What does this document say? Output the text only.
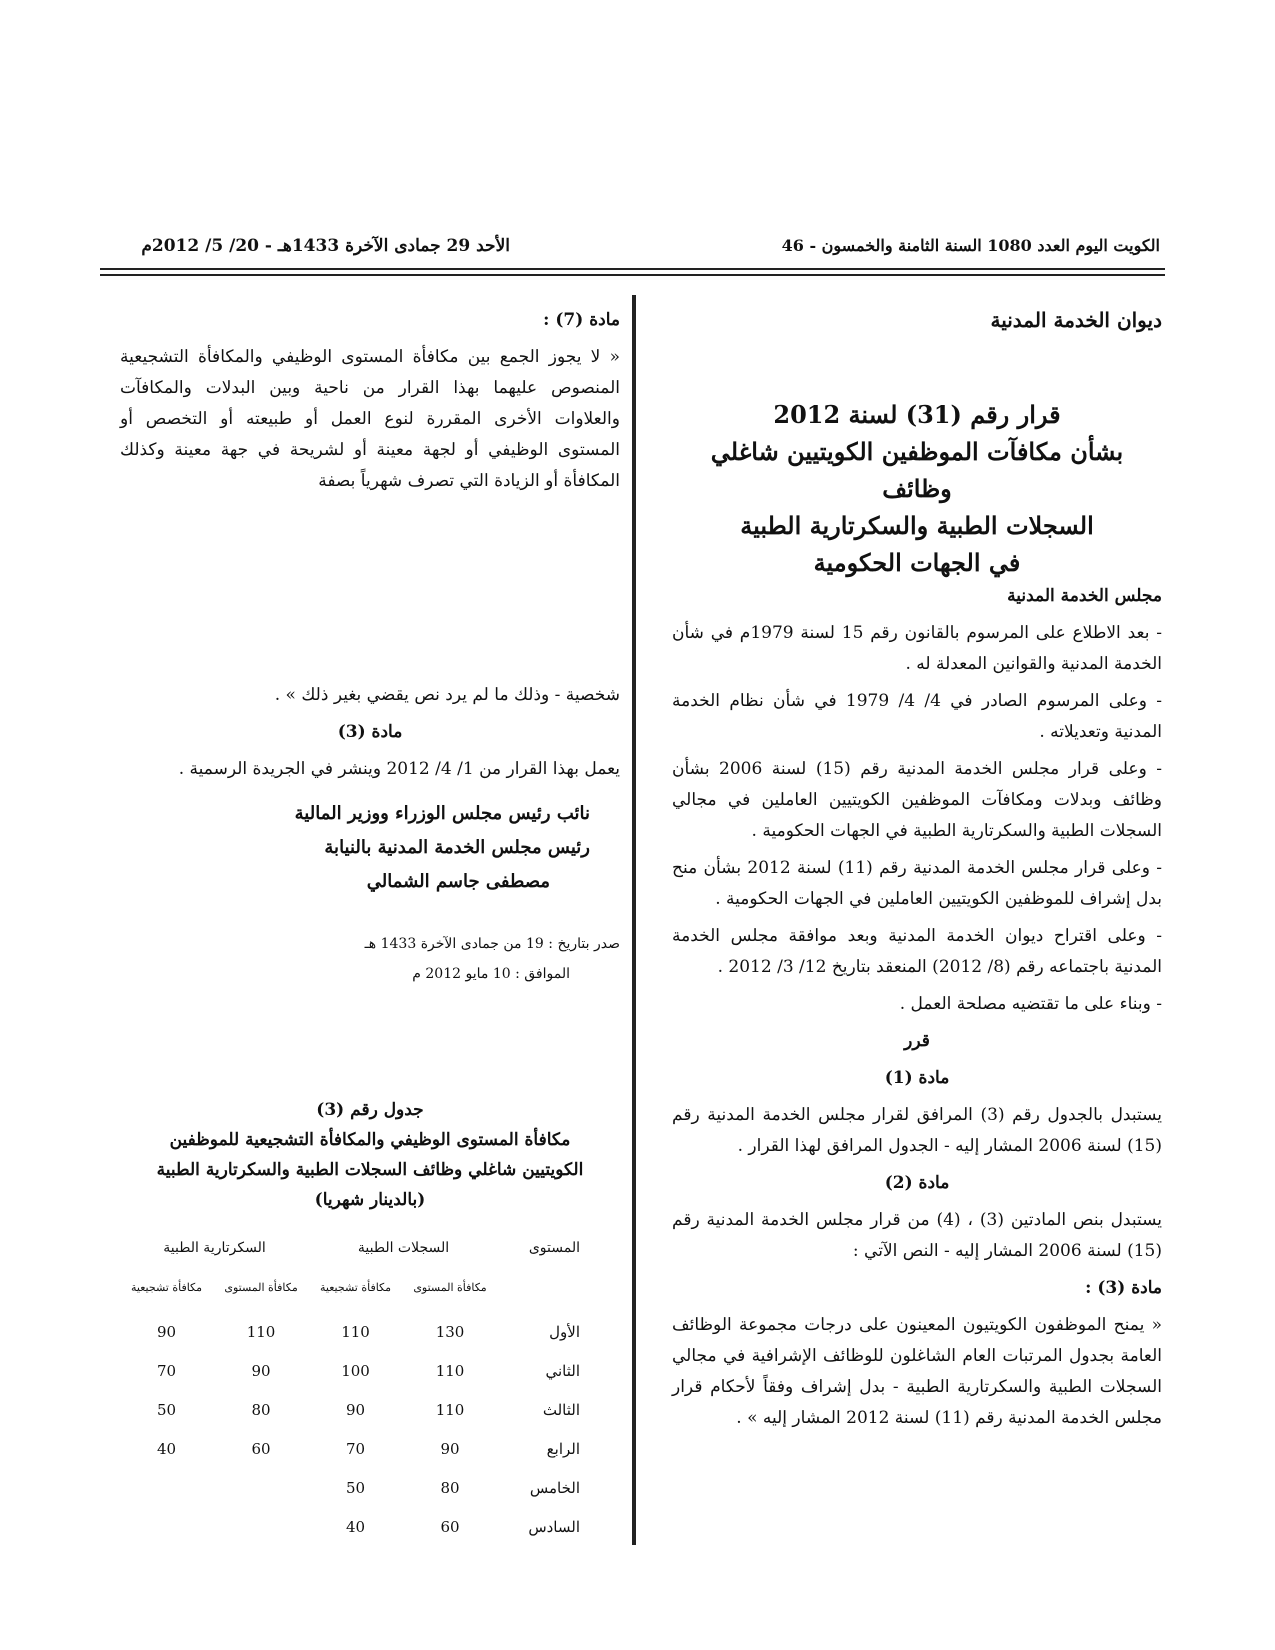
الأحد 29 جمادى الآخرة 1433هـ - 20/ 5/ 2012م	الكويت اليوم العدد 1080 السنة الثامنة والخمسون - 46
ديوان الخدمة المدنية
قرار رقم (31) لسنة 2012
بشأن مكافآت الموظفين الكويتيين شاغلي وظائف
السجلات الطبية والسكرتارية الطبية
في الجهات الحكومية

مجلس الخدمة المدنية

- بعد الاطلاع على المرسوم بالقانون رقم 15 لسنة 1979م في شأن الخدمة المدنية والقوانين المعدلة له .

- وعلى المرسوم الصادر في 4/ 4/ 1979 في شأن نظام الخدمة المدنية وتعديلاته .

- وعلى قرار مجلس الخدمة المدنية رقم (15) لسنة 2006 بشأن وظائف وبدلات ومكافآت الموظفين الكويتيين العاملين في مجالي السجلات الطبية والسكرتارية الطبية في الجهات الحكومية .

- وعلى قرار مجلس الخدمة المدنية رقم (11) لسنة 2012 بشأن منح بدل إشراف للموظفين الكويتيين العاملين في الجهات الحكومية .

- وعلى اقتراح ديوان الخدمة المدنية وبعد موافقة مجلس الخدمة المدنية باجتماعه رقم (8/ 2012) المنعقد بتاريخ 12/ 3/ 2012 .

- وبناء على ما تقتضيه مصلحة العمل .

قرر

مادة (1)

يستبدل بالجدول رقم (3) المرافق لقرار مجلس الخدمة المدنية رقم (15) لسنة 2006 المشار إليه - الجدول المرافق لهذا القرار .

مادة (2)

يستبدل بنص المادتين (3) ، (4) من قرار مجلس الخدمة المدنية رقم (15) لسنة 2006 المشار إليه - النص الآتي :

مادة (3) :

« يمنح الموظفون الكويتيون المعينون على درجات مجموعة الوظائف العامة بجدول المرتبات العام الشاغلون للوظائف الإشرافية في مجالي السجلات الطبية والسكرتارية الطبية - بدل إشراف وفقاً لأحكام قرار مجلس الخدمة المدنية رقم (11) لسنة 2012 المشار إليه » .

مادة (7) :

« لا يجوز الجمع بين مكافأة المستوى الوظيفي والمكافأة التشجيعية المنصوص عليهما بهذا القرار من ناحية وبين البدلات والمكافآت والعلاوات الأخرى المقررة لنوع العمل أو طبيعته أو التخصص أو المستوى الوظيفي أو لجهة معينة أو لشريحة في جهة معينة وكذلك المكافأة أو الزيادة التي تصرف شهرياً بصفة

شخصية - وذلك ما لم يرد نص يقضي بغير ذلك » .

مادة (3)

يعمل بهذا القرار من 1/ 4/ 2012 وينشر في الجريدة الرسمية .

نائب رئيس مجلس الوزراء ووزير المالية
رئيس مجلس الخدمة المدنية بالنيابة
مصطفى جاسم الشمالي
صدر بتاريخ : 19 من جمادى الآخرة 1433 هـ
الموافق : 10 مايو 2012 م
جدول رقم (3)
مكافأة المستوى الوظيفي والمكافأة التشجيعية للموظفين
الكويتيين شاغلي وظائف السجلات الطبية والسكرتارية الطبية
(بالدينار شهريا)
المستوى	السجلات الطبية		السكرتارية الطبية	
	مكافأة المستوى	مكافأة تشجيعية	مكافأة المستوى	مكافأة تشجيعية
الأول	130	110	110	90
الثاني	110	100	90	70
الثالث	110	90	80	50
الرابع	90	70	60	40
الخامس	80	50		
السادس	60	40		
